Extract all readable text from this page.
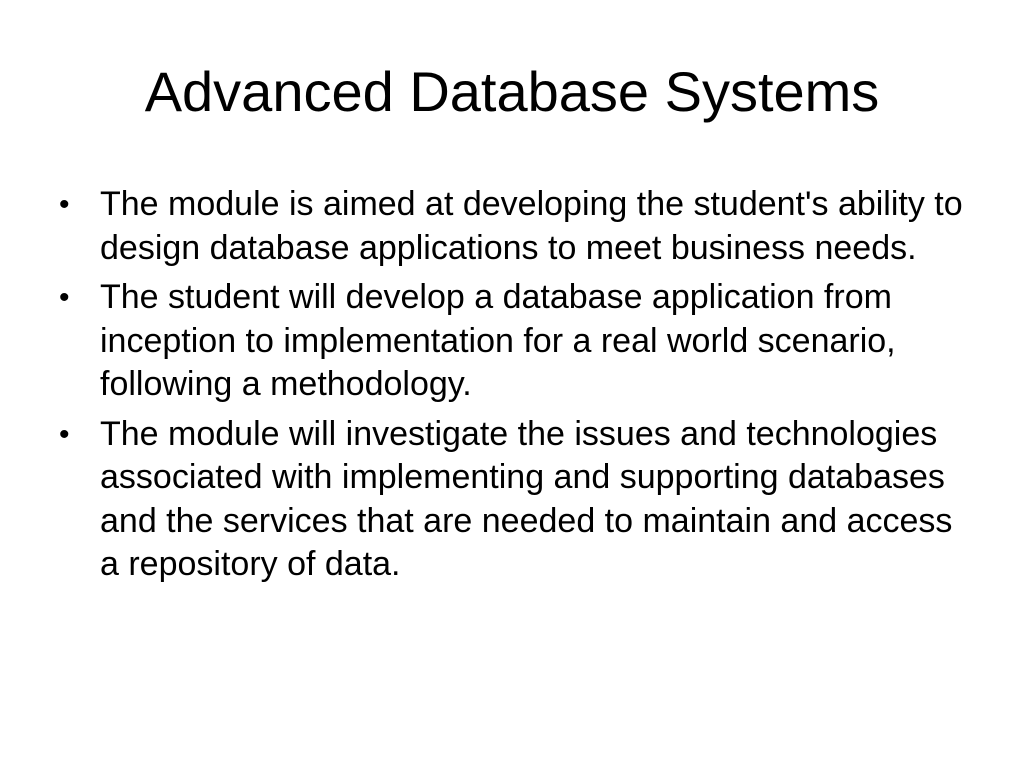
Advanced Database Systems
• The module is aimed at developing the student's ability to design database applications to meet business needs.
• The student will develop a database application from inception to implementation for a real world scenario, following a methodology.
• The module will investigate the issues and technologies associated with implementing and supporting databases and the services that are needed to maintain and access a repository of data.
